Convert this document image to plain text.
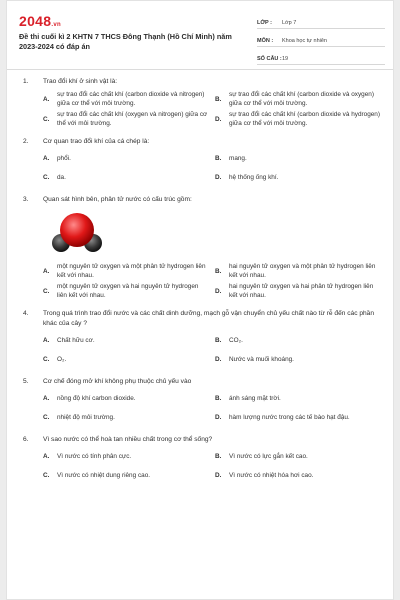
2048.vn
Đề thi cuối kì 2 KHTN 7 THCS Đông Thạnh (Hồ Chí Minh) năm 2023-2024 có đáp án
LỚP :	Lớp 7
MÔN :	Khoa học tự nhiên
SỐ CÂU : 19
1.	Trao đổi khí ở sinh vật là:
A.
sự trao đổi các chất khí (carbon dioxide và nitrogen) giữa cơ thể với môi trường.
B.
sự trao đổi các chất khí (carbon dioxide và oxygen) giữa cơ thể với môi trường.
C.
sự trao đổi các chất khí (oxygen và nitrogen) giữa cơ thể với môi trường.
D.
sự trao đổi các chất khí (carbon dioxide và hydrogen) giữa cơ thể với môi trường.
2.	Cơ quan trao đổi khí của cá chép là:
A.	phổi.	B.	mang.
C.	da.	D.	hệ thống ống khí.
3.	Quan sát hình bên, phân tử nước có cấu trúc gồm:
A.
một nguyên tử oxygen và một phân tử hydrogen liên kết với nhau.
B.
hai nguyên tử oxygen và một phân tử hydrogen liên kết với nhau.
C.
một nguyên tử oxygen và hai nguyên tử hydrogen liên kết với nhau.
D.
hai nguyên tử oxygen và hai phân tử hydrogen liên kết với nhau.
4.	Trong quá trình trao đổi nước và các chất dinh dưỡng, mạch gỗ vận chuyển chủ yếu chất nào từ rễ đến các phần khác của cây ?
A.	Chất hữu cơ.	B.	CO₂.
C.	O₂.	D.	Nước và muối khoáng.
5.	Cơ chế đóng mở khí không phụ thuộc chủ yếu vào
A.	nồng độ khí carbon dioxide.	B.	ánh sáng mặt trời.
C.	nhiệt độ môi trường.	D.	hàm lượng nước trong các tế bào hạt đậu.
6.	Vì sao nước có thể hoà tan nhiều chất trong cơ thể sống?
A.	Vì nước có tính phân cực.	B.	Vì nước có lực gắn kết cao.
C.	Vì nước có nhiệt dung riêng cao.	D.	Vì nước có nhiệt hóa hơi cao.
